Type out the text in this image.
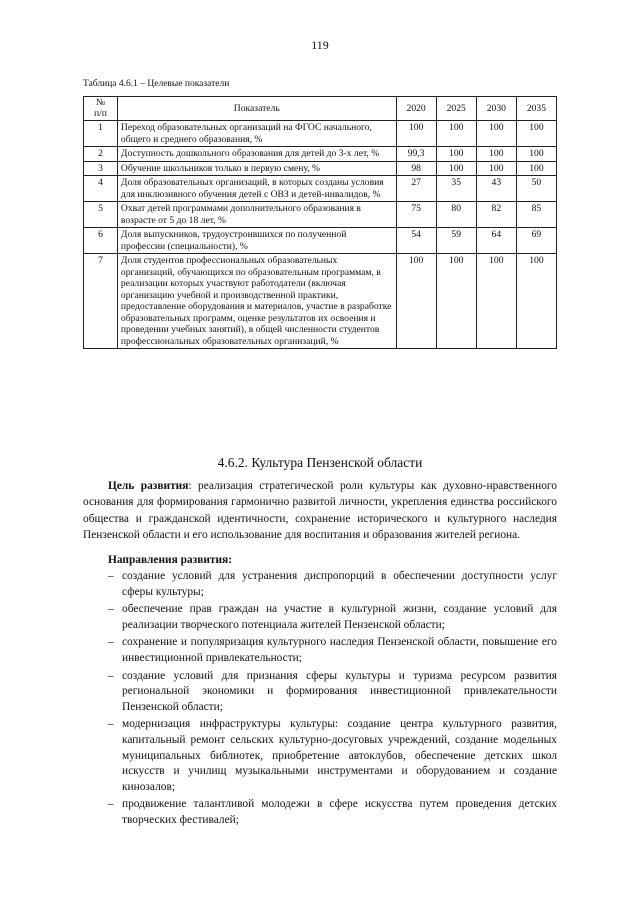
119
Таблица 4.6.1 – Целевые показатели
№
п/п	Показатель	2020	2025	2030	2035
1	Переход образовательных организаций на ФГОС начального, общего и среднего образования, %	100	100	100	100
2	Доступность дошкольного образования для детей до 3-х лет, %	99,3	100	100	100
3	Обучение школьников только в первую смену, %	98	100	100	100
4	Доля образовательных организаций, в которых созданы условия для инклюзивного обучения детей с ОВЗ и детей-инвалидов, %	27	35	43	50
5	Охват детей программами дополнительного образования в возрасте от 5 до 18 лет, %	75	80	82	85
6	Доля выпускников, трудоустроившихся по полученной профессии (специальности), %	54	59	64	69
7	Доля студентов профессиональных образовательных организаций, обучающихся по образовательным программам, в реализации которых участвуют работодатели (включая организацию учебной и производственной практики, предоставление оборудования и материалов, участие в разработке образовательных программ, оценке результатов их освоения и проведении учебных занятий), в общей численности студентов профессиональных образовательных организаций, %	100	100	100	100
4.6.2. Культура Пензенской области

Цель развития: реализация стратегической роли культуры как духовно-нравственного основания для формирования гармонично развитой личности, укрепления единства российского общества и гражданской идентичности, сохранение исторического и культурного наследия Пензенской области и его использование для воспитания и образования жителей региона.

Направления развития:
– создание условий для устранения диспропорций в обеспечении доступности услуг сферы культуры;
– обеспечение прав граждан на участие в культурной жизни, создание условий для реализации творческого потенциала жителей Пензенской области;
– сохранение и популяризация культурного наследия Пензенской области, повышение его инвестиционной привлекательности;
– создание условий для признания сферы культуры и туризма ресурсом развития региональной экономики и формирования инвестиционной привлекательности Пензенской области;
– модернизация инфраструктуры культуры: создание центра культурного развития, капитальный ремонт сельских культурно-досуговых учреждений, создание модельных муниципальных библиотек, приобретение автоклубов, обеспечение детских школ искусств и училищ музыкальными инструментами и оборудованием и создание кинозалов;
– продвижение талантливой молодежи в сфере искусства путем проведения детских творческих фестивалей;
